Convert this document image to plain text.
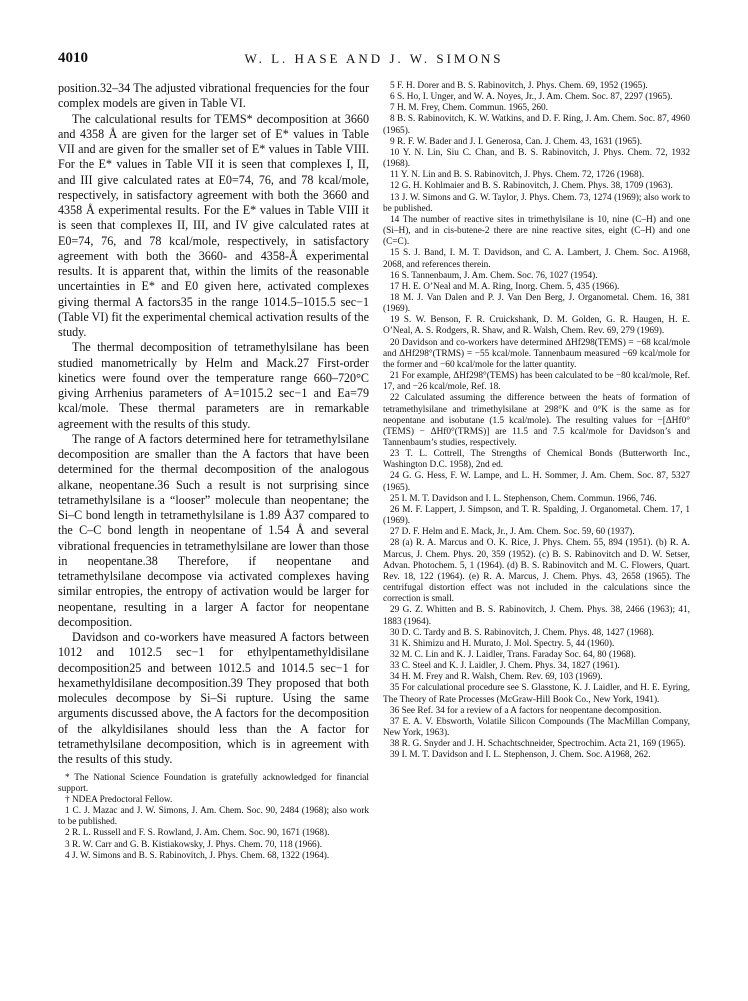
4010	W. L. HASE AND J. W. SIMONS

position.32–34 The adjusted vibrational frequencies for the four complex models are given in Table VI.

The calculational results for TEMS* decomposition at 3660 and 4358 Å are given for the larger set of E* values in Table VII and are given for the smaller set of E* values in Table VIII. For the E* values in Table VII it is seen that complexes I, II, and III give calculated rates at E0=74, 76, and 78 kcal/mole, respectively, in satisfactory agreement with both the 3660 and 4358 Å experimental results. For the E* values in Table VIII it is seen that complexes II, III, and IV give calculated rates at E0=74, 76, and 78 kcal/mole, respectively, in satisfactory agreement with both the 3660- and 4358-Å experimental results. It is apparent that, within the limits of the reasonable uncertainties in E* and E0 given here, activated complexes giving thermal A factors35 in the range 1014.5–1015.5 sec−1 (Table VI) fit the experimental chemical activation results of the study.

The thermal decomposition of tetramethylsilane has been studied manometrically by Helm and Mack.27 First-order kinetics were found over the temperature range 660–720°C giving Arrhenius parameters of A=1015.2 sec−1 and Ea=79 kcal/mole. These thermal parameters are in remarkable agreement with the results of this study.

The range of A factors determined here for tetramethylsilane decomposition are smaller than the A factors that have been determined for the thermal decomposition of the analogous alkane, neopentane.36 Such a result is not surprising since tetramethylsilane is a “looser” molecule than neopentane; the Si–C bond length in tetramethylsilane is 1.89 Å37 compared to the C–C bond length in neopentane of 1.54 Å and several vibrational frequencies in tetramethylsilane are lower than those in neopentane.38 Therefore, if neopentane and tetramethylsilane decompose via activated complexes having similar entropies, the entropy of activation would be larger for neopentane, resulting in a larger A factor for neopentane decomposition.

Davidson and co-workers have measured A factors between 1012 and 1012.5 sec−1 for ethylpentamethyldisilane decomposition25 and between 1012.5 and 1014.5 sec−1 for hexamethyldisilane decomposition.39 They proposed that both molecules decompose by Si–Si rupture. Using the same arguments discussed above, the A factors for the decomposition of the alkyldisilanes should less than the A factor for tetramethylsilane decomposition, which is in agreement with the results of this study.

* The National Science Foundation is gratefully acknowledged for financial support.

† NDEA Predoctoral Fellow.

1 C. J. Mazac and J. W. Simons, J. Am. Chem. Soc. 90, 2484 (1968); also work to be published.

2 R. L. Russell and F. S. Rowland, J. Am. Chem. Soc. 90, 1671 (1968).

3 R. W. Carr and G. B. Kistiakowsky, J. Phys. Chem. 70, 118 (1966).

4 J. W. Simons and B. S. Rabinovitch, J. Phys. Chem. 68, 1322 (1964).

5 F. H. Dorer and B. S. Rabinovitch, J. Phys. Chem. 69, 1952 (1965).

6 S. Ho, I. Unger, and W. A. Noyes, Jr., J. Am. Chem. Soc. 87, 2297 (1965).

7 H. M. Frey, Chem. Commun. 1965, 260.

8 B. S. Rabinovitch, K. W. Watkins, and D. F. Ring, J. Am. Chem. Soc. 87, 4960 (1965).

9 R. F. W. Bader and J. I. Generosa, Can. J. Chem. 43, 1631 (1965).

10 Y. N. Lin, Siu C. Chan, and B. S. Rabinovitch, J. Phys. Chem. 72, 1932 (1968).

11 Y. N. Lin and B. S. Rabinovitch, J. Phys. Chem. 72, 1726 (1968).

12 G. H. Kohlmaier and B. S. Rabinovitch, J. Chem. Phys. 38, 1709 (1963).

13 J. W. Simons and G. W. Taylor, J. Phys. Chem. 73, 1274 (1969); also work to be published.

14 The number of reactive sites in trimethylsilane is 10, nine (C–H) and one (Si–H), and in cis-butene-2 there are nine reactive sites, eight (C–H) and one (C=C).

15 S. J. Band, I. M. T. Davidson, and C. A. Lambert, J. Chem. Soc. A1968, 2068, and references therein.

16 S. Tannenbaum, J. Am. Chem. Soc. 76, 1027 (1954).

17 H. E. O’Neal and M. A. Ring, Inorg. Chem. 5, 435 (1966).

18 M. J. Van Dalen and P. J. Van Den Berg, J. Organometal. Chem. 16, 381 (1969).

19 S. W. Benson, F. R. Cruickshank, D. M. Golden, G. R. Haugen, H. E. O’Neal, A. S. Rodgers, R. Shaw, and R. Walsh, Chem. Rev. 69, 279 (1969).

20 Davidson and co-workers have determined ΔHf298(TEMS) = −68 kcal/mole and ΔHf298°(TRMS) = −55 kcal/mole. Tannenbaum measured −69 kcal/mole for the former and −60 kcal/mole for the latter quantity.

21 For example, ΔHf298°(TEMS) has been calculated to be −80 kcal/mole, Ref. 17, and −26 kcal/mole, Ref. 18.

22 Calculated assuming the difference between the heats of formation of tetramethylsilane and trimethylsilane at 298°K and 0°K is the same as for neopentane and isobutane (1.5 kcal/mole). The resulting values for −[ΔHf0°(TEMS) − ΔHf0°(TRMS)] are 11.5 and 7.5 kcal/mole for Davidson’s and Tannenbaum’s studies, respectively.

23 T. L. Cottrell, The Strengths of Chemical Bonds (Butterworth Inc., Washington D.C. 1958), 2nd ed.

24 G. G. Hess, F. W. Lampe, and L. H. Sommer, J. Am. Chem. Soc. 87, 5327 (1965).

25 I. M. T. Davidson and I. L. Stephenson, Chem. Commun. 1966, 746.

26 M. F. Lappert, J. Simpson, and T. R. Spalding, J. Organometal. Chem. 17, 1 (1969).

27 D. F. Helm and E. Mack, Jr., J. Am. Chem. Soc. 59, 60 (1937).

28 (a) R. A. Marcus and O. K. Rice, J. Phys. Chem. 55, 894 (1951). (b) R. A. Marcus, J. Chem. Phys. 20, 359 (1952). (c) B. S. Rabinovitch and D. W. Setser, Advan. Photochem. 5, 1 (1964). (d) B. S. Rabinovitch and M. C. Flowers, Quart. Rev. 18, 122 (1964). (e) R. A. Marcus, J. Chem. Phys. 43, 2658 (1965). The centrifugal distortion effect was not included in the calculations since the correction is small.

29 G. Z. Whitten and B. S. Rabinovitch, J. Chem. Phys. 38, 2466 (1963); 41, 1883 (1964).

30 D. C. Tardy and B. S. Rabinovitch, J. Chem. Phys. 48, 1427 (1968).

31 K. Shimizu and H. Murato, J. Mol. Spectry. 5, 44 (1960).

32 M. C. Lin and K. J. Laidler, Trans. Faraday Soc. 64, 80 (1968).

33 C. Steel and K. J. Laidler, J. Chem. Phys. 34, 1827 (1961).

34 H. M. Frey and R. Walsh, Chem. Rev. 69, 103 (1969).

35 For calculational procedure see S. Glasstone, K. J. Laidler, and H. E. Eyring, The Theory of Rate Processes (McGraw-Hill Book Co., New York, 1941).

36 See Ref. 34 for a review of a A factors for neopentane decomposition.

37 E. A. V. Ebsworth, Volatile Silicon Compounds (The MacMillan Company, New York, 1963).

38 R. G. Snyder and J. H. Schachtschneider, Spectrochim. Acta 21, 169 (1965).

39 I. M. T. Davidson and I. L. Stephenson, J. Chem. Soc. A1968, 262.
